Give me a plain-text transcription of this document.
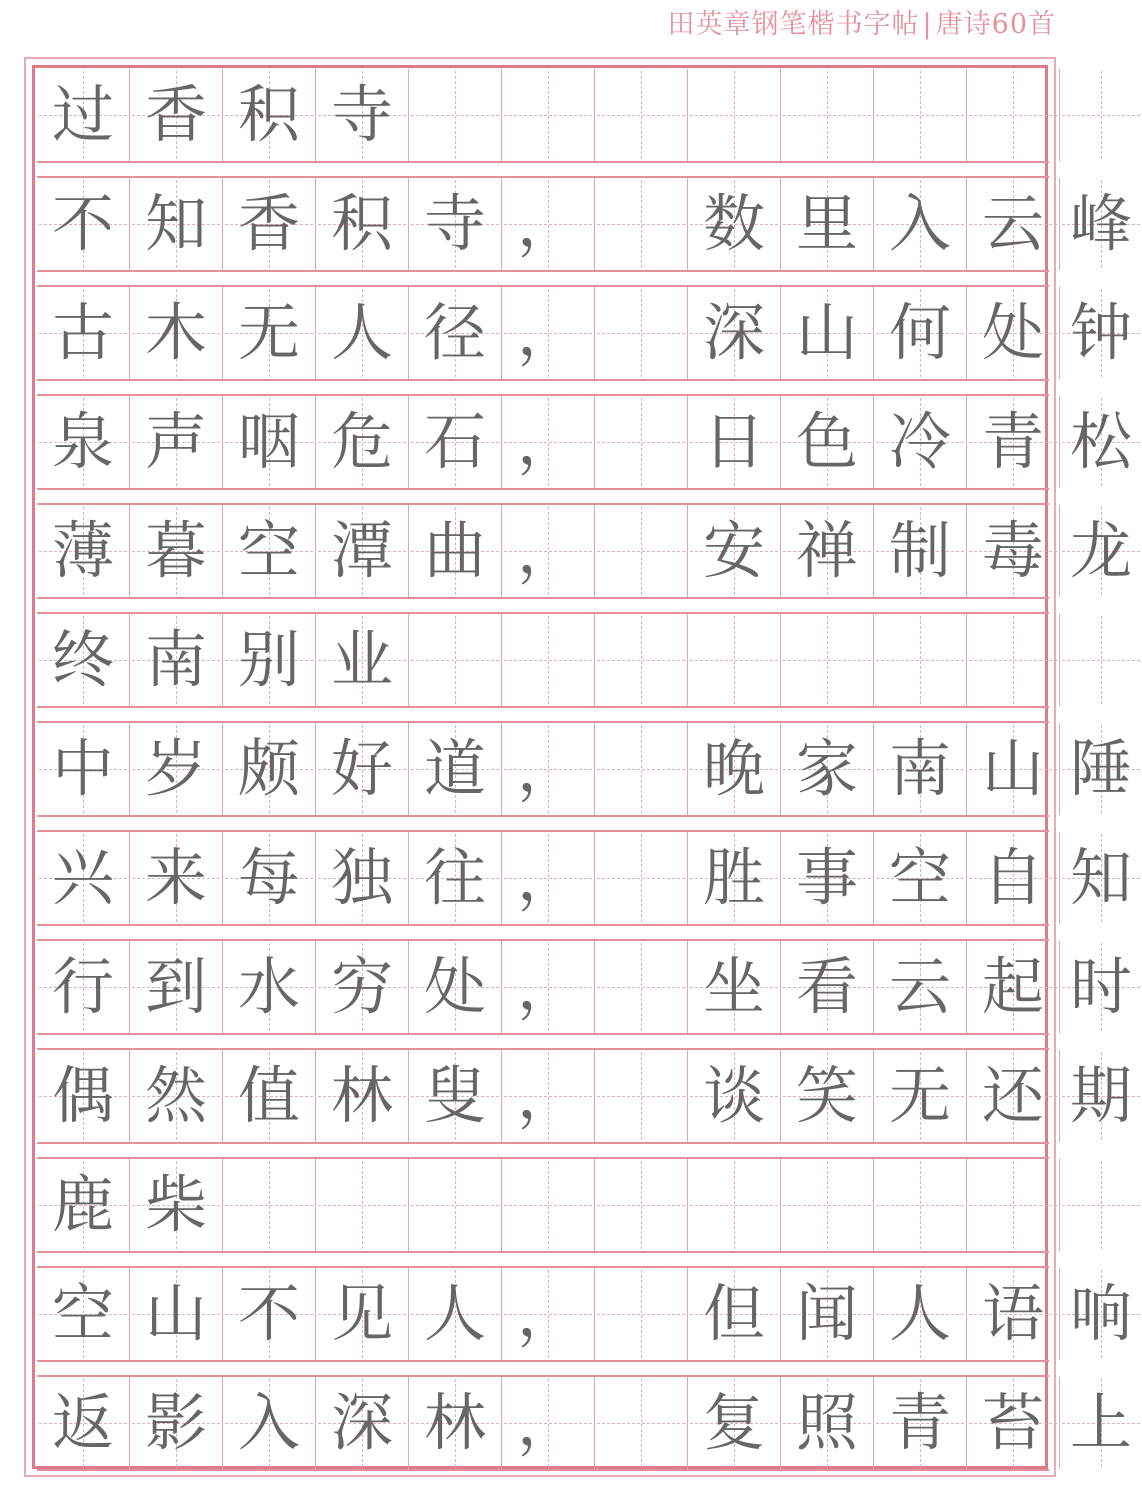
田英章钢笔楷书字帖 | 唐诗60首
过 香 积 寺
不 知 香 积 寺 ， 数 里 入 云 峰
古 木 无 人 径 ， 深 山 何 处 钟
泉 声 咽 危 石 ， 日 色 冷 青 松
薄 暮 空 潭 曲 ， 安 禅 制 毒 龙
终 南 别 业
中 岁 颇 好 道 ， 晚 家 南 山 陲
兴 来 每 独 往 ， 胜 事 空 自 知
行 到 水 穷 处 ， 坐 看 云 起 时
偶 然 值 林 叟 ， 谈 笑 无 还 期
鹿 柴
空 山 不 见 人 ， 但 闻 人 语 响
返 影 入 深 林 ， 复 照 青 苔 上
